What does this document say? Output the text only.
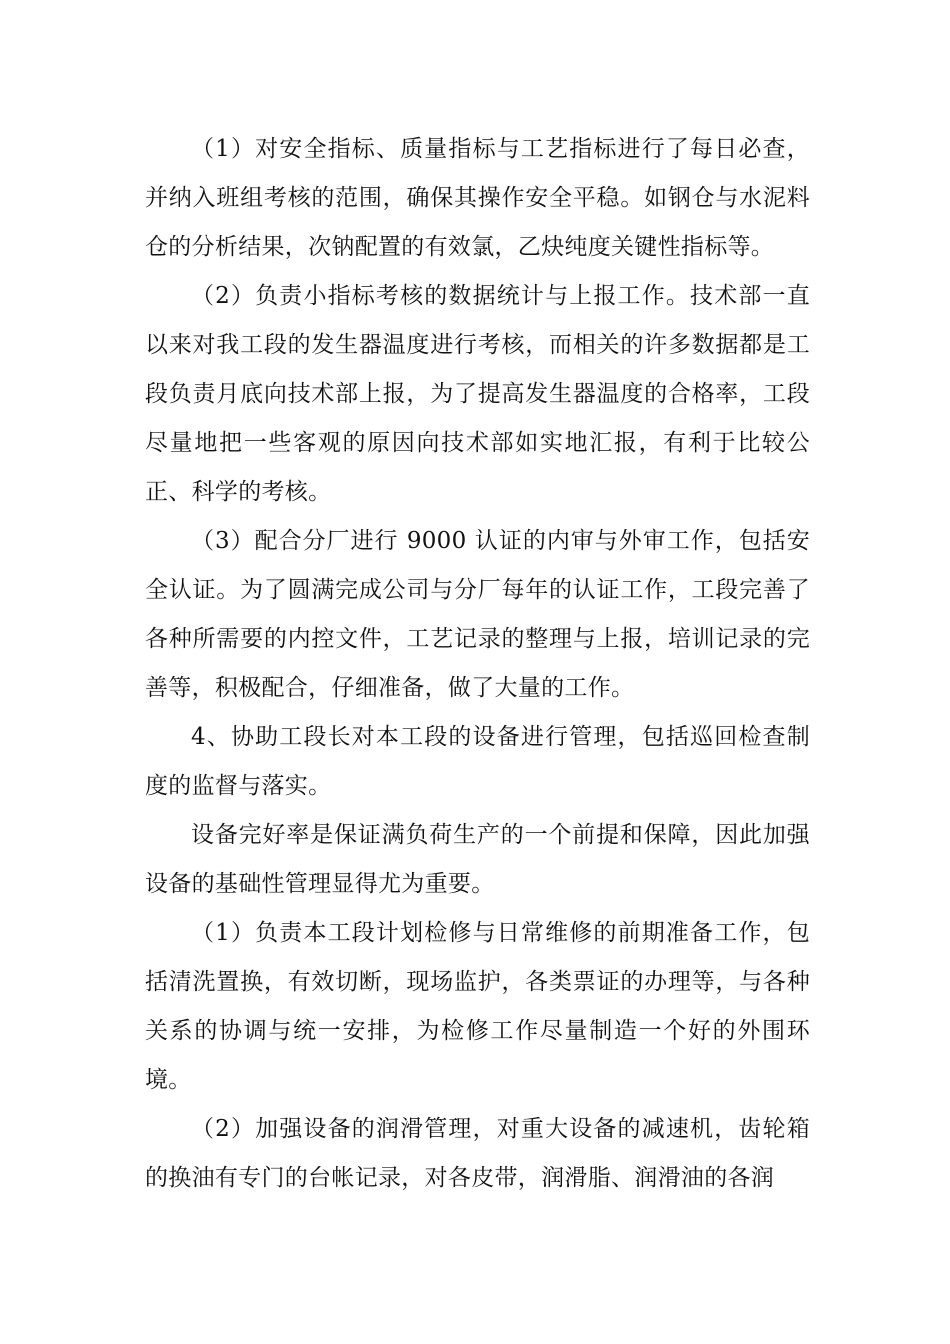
（1）对安全指标、质量指标与工艺指标进行了每日必查，并纳入班组考核的范围，确保其操作安全平稳。如钢仓与水泥料仓的分析结果，次钠配置的有效氯，乙炔纯度关键性指标等。

（2）负责小指标考核的数据统计与上报工作。技术部一直以来对我工段的发生器温度进行考核，而相关的许多数据都是工段负责月底向技术部上报，为了提高发生器温度的合格率，工段尽量地把一些客观的原因向技术部如实地汇报，有利于比较公正、科学的考核。

（3）配合分厂进行 9000 认证的内审与外审工作，包括安全认证。为了圆满完成公司与分厂每年的认证工作，工段完善了各种所需要的内控文件，工艺记录的整理与上报，培训记录的完善等，积极配合，仔细准备，做了大量的工作。

4、协助工段长对本工段的设备进行管理，包括巡回检查制度的监督与落实。

设备完好率是保证满负荷生产的一个前提和保障，因此加强设备的基础性管理显得尤为重要。

（1）负责本工段计划检修与日常维修的前期准备工作，包括清洗置换，有效切断，现场监护，各类票证的办理等，与各种关系的协调与统一安排，为检修工作尽量制造一个好的外围环境。

（2）加强设备的润滑管理，对重大设备的减速机，齿轮箱的换油有专门的台帐记录，对各皮带，润滑脂、润滑油的各润
